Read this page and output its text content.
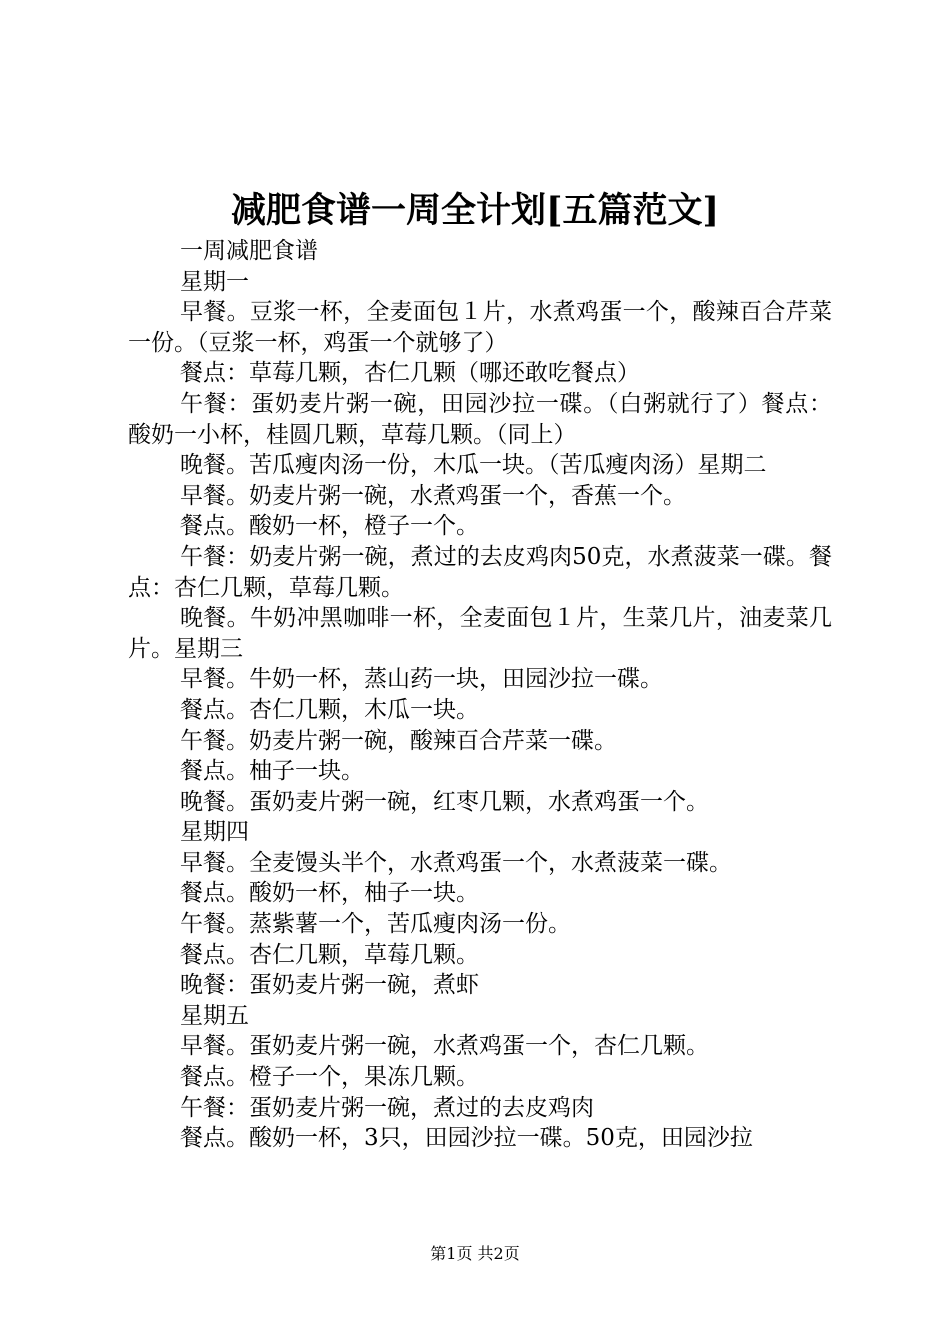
减肥食谱一周全计划[五篇范文]

一周减肥食谱

星期一

早餐。豆浆一杯，全麦面包１片，水煮鸡蛋一个，酸辣百合芹菜一份。（豆浆一杯，鸡蛋一个就够了）

餐点：草莓几颗，杏仁几颗（哪还敢吃餐点）

午餐：蛋奶麦片粥一碗，田园沙拉一碟。（白粥就行了）餐点：酸奶一小杯，桂圆几颗，草莓几颗。（同上）

晚餐。苦瓜瘦肉汤一份，木瓜一块。（苦瓜瘦肉汤）星期二

早餐。奶麦片粥一碗，水煮鸡蛋一个，香蕉一个。

餐点。酸奶一杯，橙子一个。

午餐：奶麦片粥一碗，煮过的去皮鸡肉50克，水煮菠菜一碟。餐点：杏仁几颗，草莓几颗。

晚餐。牛奶冲黑咖啡一杯，全麦面包１片，生菜几片，油麦菜几片。星期三

早餐。牛奶一杯，蒸山药一块，田园沙拉一碟。

餐点。杏仁几颗，木瓜一块。

午餐。奶麦片粥一碗，酸辣百合芹菜一碟。

餐点。柚子一块。

晚餐。蛋奶麦片粥一碗，红枣几颗，水煮鸡蛋一个。

星期四

早餐。全麦馒头半个，水煮鸡蛋一个，水煮菠菜一碟。

餐点。酸奶一杯，柚子一块。

午餐。蒸紫薯一个，苦瓜瘦肉汤一份。

餐点。杏仁几颗，草莓几颗。

晚餐：蛋奶麦片粥一碗，煮虾

星期五

早餐。蛋奶麦片粥一碗，水煮鸡蛋一个，杏仁几颗。

餐点。橙子一个，果冻几颗。

午餐：蛋奶麦片粥一碗，煮过的去皮鸡肉

餐点。酸奶一杯，3只，田园沙拉一碟。50克，田园沙拉

第1页 共2页
